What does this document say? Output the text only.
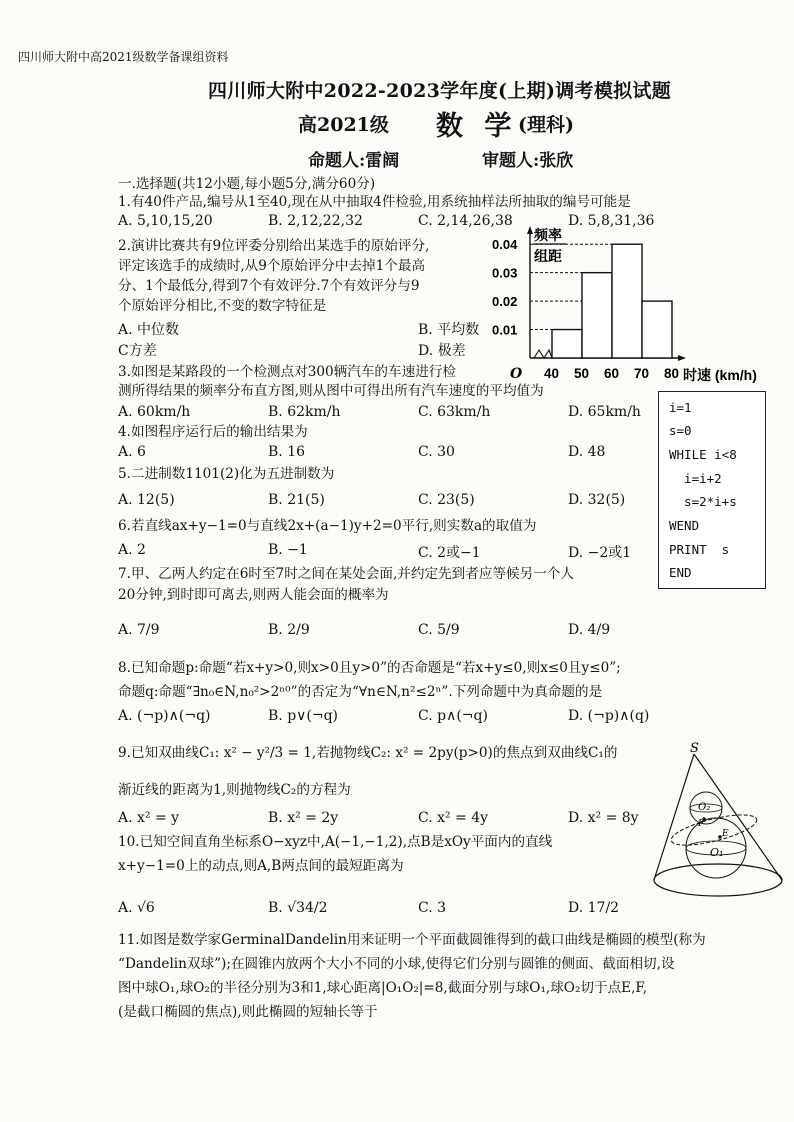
四川师大附中高2021级数学备课组资料
四川师大附中2022-2023学年度(上期)调考模拟试题
高2021级 数 学 (理科)
命题人:雷阔	审题人:张欣
一.选择题(共12小题,每小题5分,满分60分)
1.有40件产品,编号从1至40,现在从中抽取4件检验,用系统抽样法所抽取的编号可能是
A. 5,10,15,20	B. 2,12,22,32	C. 2,14,26,38	D. 5,8,31,36
2.演讲比赛共有9位评委分别给出某选手的原始评分,
评定该选手的成绩时,从9个原始评分中去掉1个最高
分、1个最低分,得到7个有效评分.7个有效评分与9
个原始评分相比,不变的数字特征是
A. 中位数	B. 平均数
C方差	D. 极差
频率
组距
0.04
0.03
0.02
0.01
40 50 60 70 80
O	时速 (km/h)
3.如图是某路段的一个检测点对300辆汽车的车速进行检
测所得结果的频率分布直方图,则从图中可得出所有汽车速度的平均值为
A. 60km/h	B. 62km/h	C. 63km/h	D. 65km/h i=1
s=0
WHILE i<8
i=i+2
s=2*i+s
WEND
PRINT  s
END
4.如图程序运行后的输出结果为
A. 6	B. 16	C. 30	D. 48
5.二进制数1101(2)化为五进制数为
A. 12(5)	B. 21(5)	C. 23(5)	D. 32(5)
6.若直线ax+y−1=0与直线2x+(a−1)y+2=0平行,则实数a的取值为
A. 2	B. −1	C. 2或−1	D. −2或1
7.甲、乙两人约定在6时至7时之间在某处会面,并约定先到者应等候另一个人
20分钟,到时即可离去,则两人能会面的概率为
A. 7/9	B. 2/9	C. 5/9	D. 4/9
8.已知命题p:命题“若x+y>0,则x>0且y>0”的否命题是“若x+y≤0,则x≤0且y≤0”;
命题q:命题“∃n₀∈N,n₀²>2ⁿ⁰”的否定为“∀n∈N,n²≤2ⁿ”.下列命题中为真命题的是
A. (¬p)∧(¬q)	B. p∨(¬q)	C. p∧(¬q)	D. (¬p)∧(q)
S
O₂
F
E
O₁
9.已知双曲线C₁: x² − y²/3 = 1,若抛物线C₂: x² = 2py(p>0)的焦点到双曲线C₁的
渐近线的距离为1,则抛物线C₂的方程为
A. x² = y	B. x² = 2y	C. x² = 4y	D. x² = 8y
10.已知空间直角坐标系O−xyz中,A(−1,−1,2),点B是xOy平面内的直线
x+y−1=0上的动点,则A,B两点间的最短距离为
A. √6	B. √34/2	C. 3	D. 17/2
11.如图是数学家GerminalDandelin用来证明一个平面截圆锥得到的截口曲线是椭圆的模型(称为
“Dandelin双球”);在圆锥内放两个大小不同的小球,使得它们分别与圆锥的侧面、截面相切,设
图中球O₁,球O₂的半径分别为3和1,球心距离|O₁O₂|=8,截面分别与球O₁,球O₂切于点E,F,
(是截口椭圆的焦点),则此椭圆的短轴长等于
